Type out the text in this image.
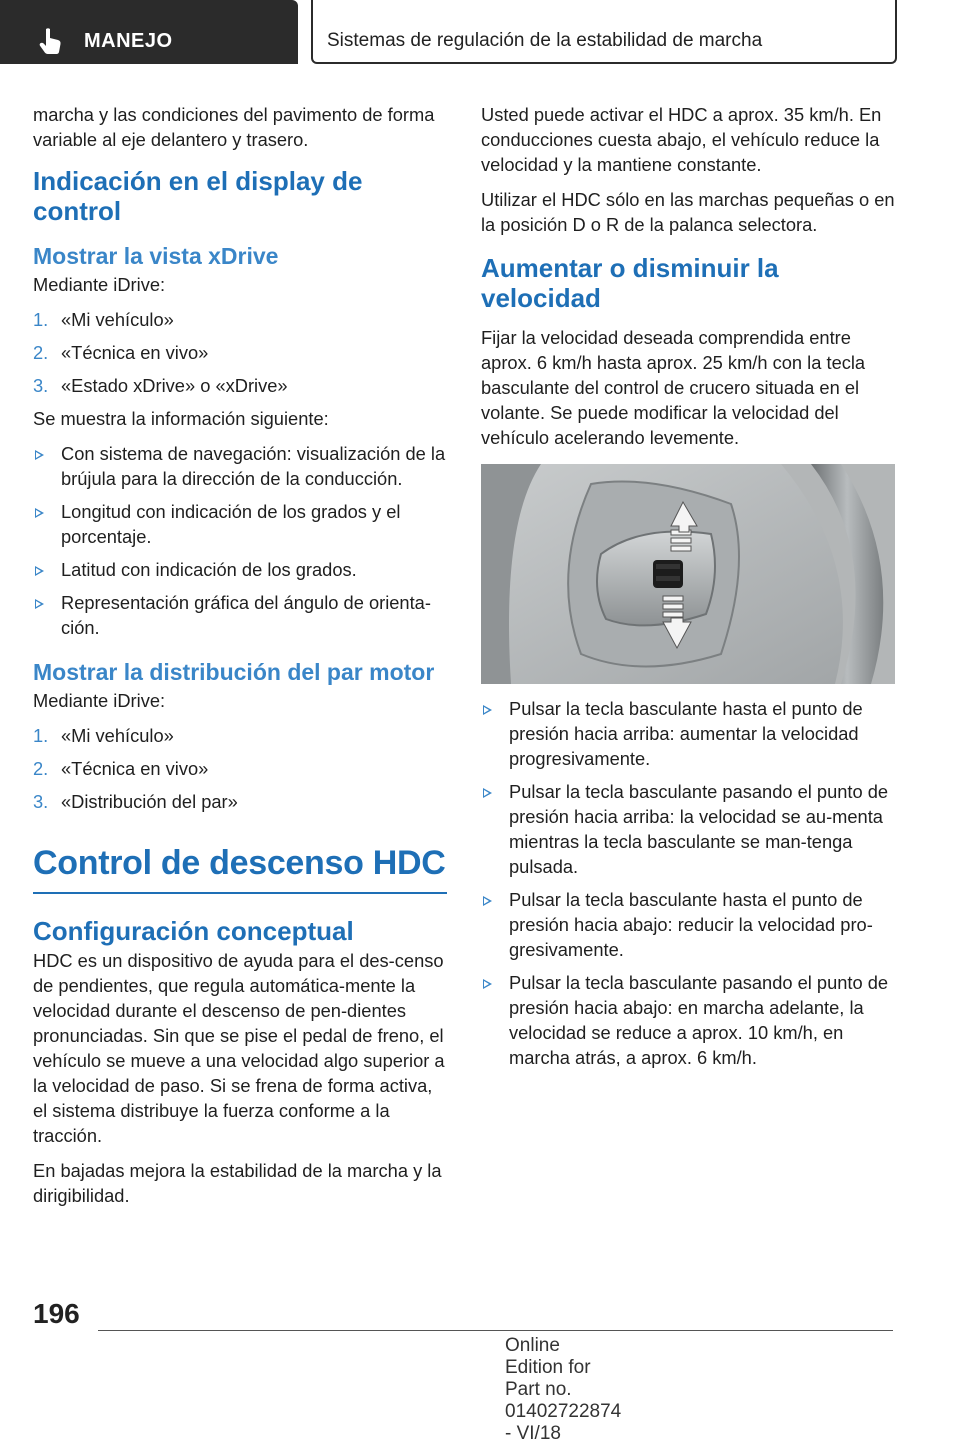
MANEJO	Sistemas de regulación de la estabilidad de marcha

marcha y las condiciones del pavimento de forma variable al eje delantero y trasero.

Indicación en el display de control
Mostrar la vista xDrive

Mediante iDrive:

1. «Mi vehículo»
2. «Técnica en vivo»
3. «Estado xDrive» o «xDrive»

Se muestra la información siguiente:

Con sistema de navegación: visualización de la brújula para la dirección de la conducción.
Longitud con indicación de los grados y el porcentaje.
Latitud con indicación de los grados.
Representación gráfica del ángulo de orienta-ción.
Mostrar la distribución del par motor

Mediante iDrive:

1. «Mi vehículo»
2. «Técnica en vivo»
3. «Distribución del par»
Control de descenso HDC
Configuración conceptual

HDC es un dispositivo de ayuda para el des-censo de pendientes, que regula automática-mente la velocidad durante el descenso de pen-dientes pronunciadas. Sin que se pise el pedal de freno, el vehículo se mueve a una velocidad algo superior a la velocidad de paso. Si se frena de forma activa, el sistema distribuye la fuerza conforme a la tracción.

En bajadas mejora la estabilidad de la marcha y la dirigibilidad.

Usted puede activar el HDC a aprox. 35 km/h. En conducciones cuesta abajo, el vehículo reduce la velocidad y la mantiene constante.

Utilizar el HDC sólo en las marchas pequeñas o en la posición D o R de la palanca selectora.

Aumentar o disminuir la velocidad

Fijar la velocidad deseada comprendida entre aprox. 6 km/h hasta aprox. 25 km/h con la tecla basculante del control de crucero situada en el volante. Se puede modificar la velocidad del vehículo acelerando levemente.

Pulsar la tecla basculante hasta el punto de presión hacia arriba: aumentar la velocidad progresivamente.
Pulsar la tecla basculante pasando el punto de presión hacia arriba: la velocidad se au-menta mientras la tecla basculante se man-tenga pulsada.
Pulsar la tecla basculante hasta el punto de presión hacia abajo: reducir la velocidad pro-gresivamente.
Pulsar la tecla basculante pasando el punto de presión hacia abajo: en marcha adelante, la velocidad se reduce a aprox. 10 km/h, en marcha atrás, a aprox. 6 km/h.
196
Online Edition for Part no. 01402722874 - VI/18
